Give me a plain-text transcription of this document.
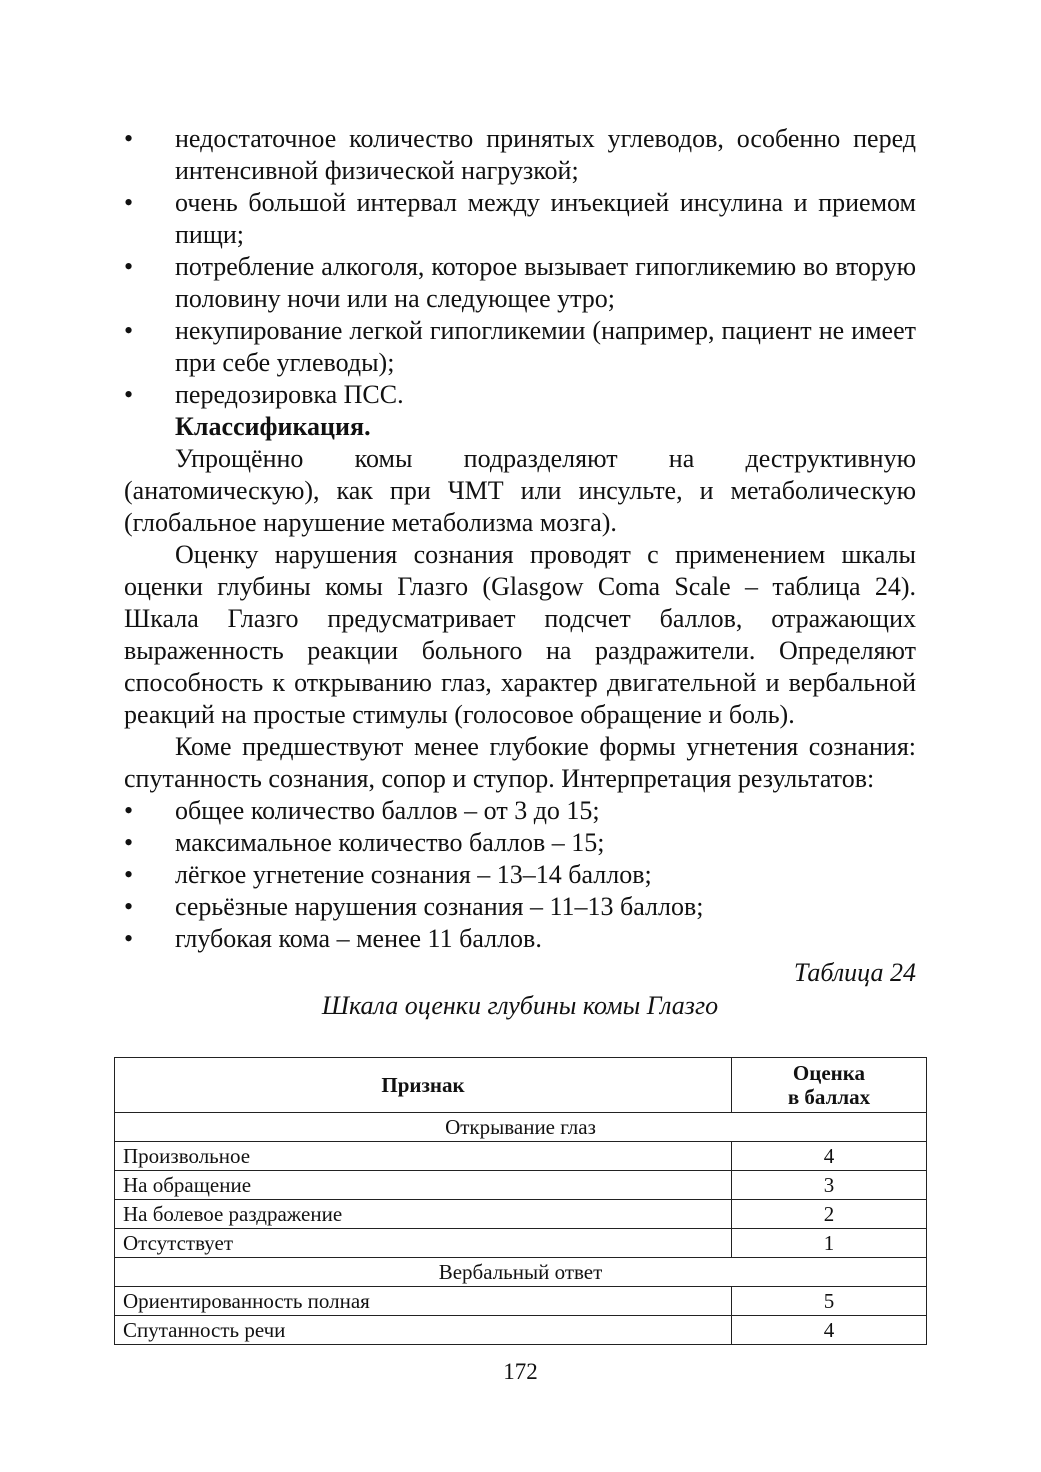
• недостаточное количество принятых углеводов, особенно перед интенсивной физической нагрузкой;
• очень большой интервал между инъекцией инсулина и приемом пищи;
• потребление алкоголя, которое вызывает гипогликемию во вторую половину ночи или на следующее утро;
• некупирование легкой гипогликемии (например, пациент не имеет при себе углеводы);
• передозировка ПСС.
Классификация.

Упрощённо комы подразделяют на деструктивную (анатомическую), как при ЧМТ или инсульте, и метаболическую (глобальное нарушение метаболизма мозга).

Оценку нарушения сознания проводят с применением шкалы оценки глубины комы Глазго (Glasgow Coma Scale – таблица 24). Шкала Глазго предусматривает подсчет баллов, отражающих выраженность реакции больного на раздражители. Определяют способность к открыванию глаз, характер двигательной и вербальной реакций на простые стимулы (голосовое обращение и боль).

Коме предшествуют менее глубокие формы угнетения сознания: спутанность сознания, сопор и ступор. Интерпретация результатов:

• общее количество баллов – от 3 до 15;
• максимальное количество баллов – 15;
• лёгкое угнетение сознания – 13–14 баллов;
• серьёзные нарушения сознания – 11–13 баллов;
• глубокая кома – менее 11 баллов.
Таблица 24
Шкала оценки глубины комы Глазго
Признак	Оценка
в баллах
Открывание глаз	
Произвольное	4
На обращение	3
На болевое раздражение	2
Отсутствует	1
Вербальный ответ	
Ориентированность полная	5
Спутанность речи	4
172
